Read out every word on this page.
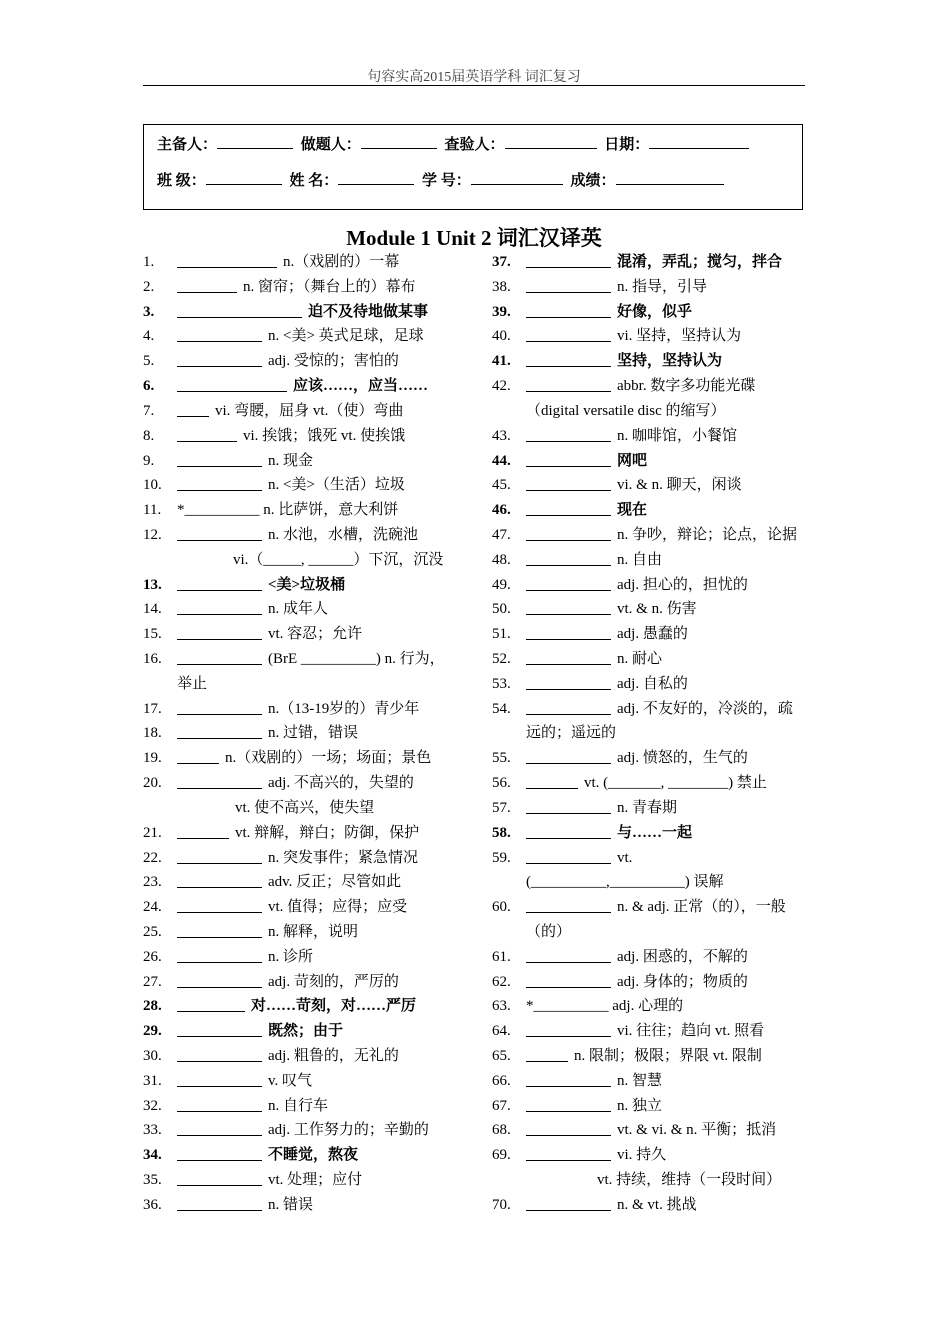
句容实高2015届英语学科 词汇复习
主备人：	做题人：	查验人：	日期：
班 级：	姓 名：	学 号：	成绩：
Module 1 Unit 2 词汇汉译英
1.	n.（戏剧的）一幕
2.	n. 窗帘；（舞台上的）幕布
3.	迫不及待地做某事
4.	n. <美> 英式足球，足球
5.	adj. 受惊的；害怕的
6.	应该……，应当……
7.	vi. 弯腰，屈身 vt.（使）弯曲
8.	vi. 挨饿；饿死 vt. 使挨饿
9.	n. 现金
10.	n. <美>（生活）垃圾
11. *__________ n. 比萨饼，意大利饼
12.	n. 水池，水槽，洗碗池
vi.（_____, ______）下沉，沉没
13.	<美>垃圾桶
14.	n. 成年人
15.	vt. 容忍；允许
16.	(BrE __________) n. 行为，
举止
17.	n.（13-19岁的）青少年
18.	n. 过错，错误
19.	n.（戏剧的）一场；场面；景色
20.	adj. 不高兴的，失望的
vt. 使不高兴，使失望
21.	vt. 辩解，辩白；防御，保护
22.	n. 突发事件；紧急情况
23.	adv. 反正；尽管如此
24.	vt. 值得；应得；应受
25.	n. 解释，说明
26.	n. 诊所
27.	adj. 苛刻的，严厉的
28.	对……苛刻，对……严厉
29.	既然；由于
30.	adj. 粗鲁的，无礼的
31.	v. 叹气
32.	n. 自行车
33.	adj. 工作努力的；辛勤的
34.	不睡觉，熬夜
35.	vt. 处理；应付
36.	n. 错误
37.	混淆，弄乱；搅匀，拌合
38.	n. 指导，引导
39.	好像，似乎
40.	vi. 坚持，坚持认为
41.	坚持，坚持认为
42.	abbr. 数字多功能光碟
（digital versatile disc 的缩写）
43.	n. 咖啡馆，小餐馆
44.	网吧
45.	vi. & n. 聊天，闲谈
46.	现在
47.	n. 争吵，辩论；论点，论据
48.	n. 自由
49.	adj. 担心的，担忧的
50.	vt. & n. 伤害
51.	adj. 愚蠢的
52.	n. 耐心
53.	adj. 自私的
54.	adj. 不友好的，冷淡的，疏
远的；遥远的
55.	adj. 愤怒的，生气的
56.	vt. (_______, ________) 禁止
57.	n. 青春期
58.	与……一起
59.	vt.
(__________,__________) 误解
60.	n. & adj. 正常（的），一般
（的）
61.	adj. 困惑的，不解的
62.	adj. 身体的；物质的
63. *__________ adj. 心理的
64.	vi. 往往；趋向 vt. 照看
65.	n. 限制；极限；界限 vt. 限制
66.	n. 智慧
67.	n. 独立
68.	vt. & vi. & n. 平衡；抵消
69.	vi. 持久
vt. 持续，维持（一段时间）
70.	n. & vt. 挑战
